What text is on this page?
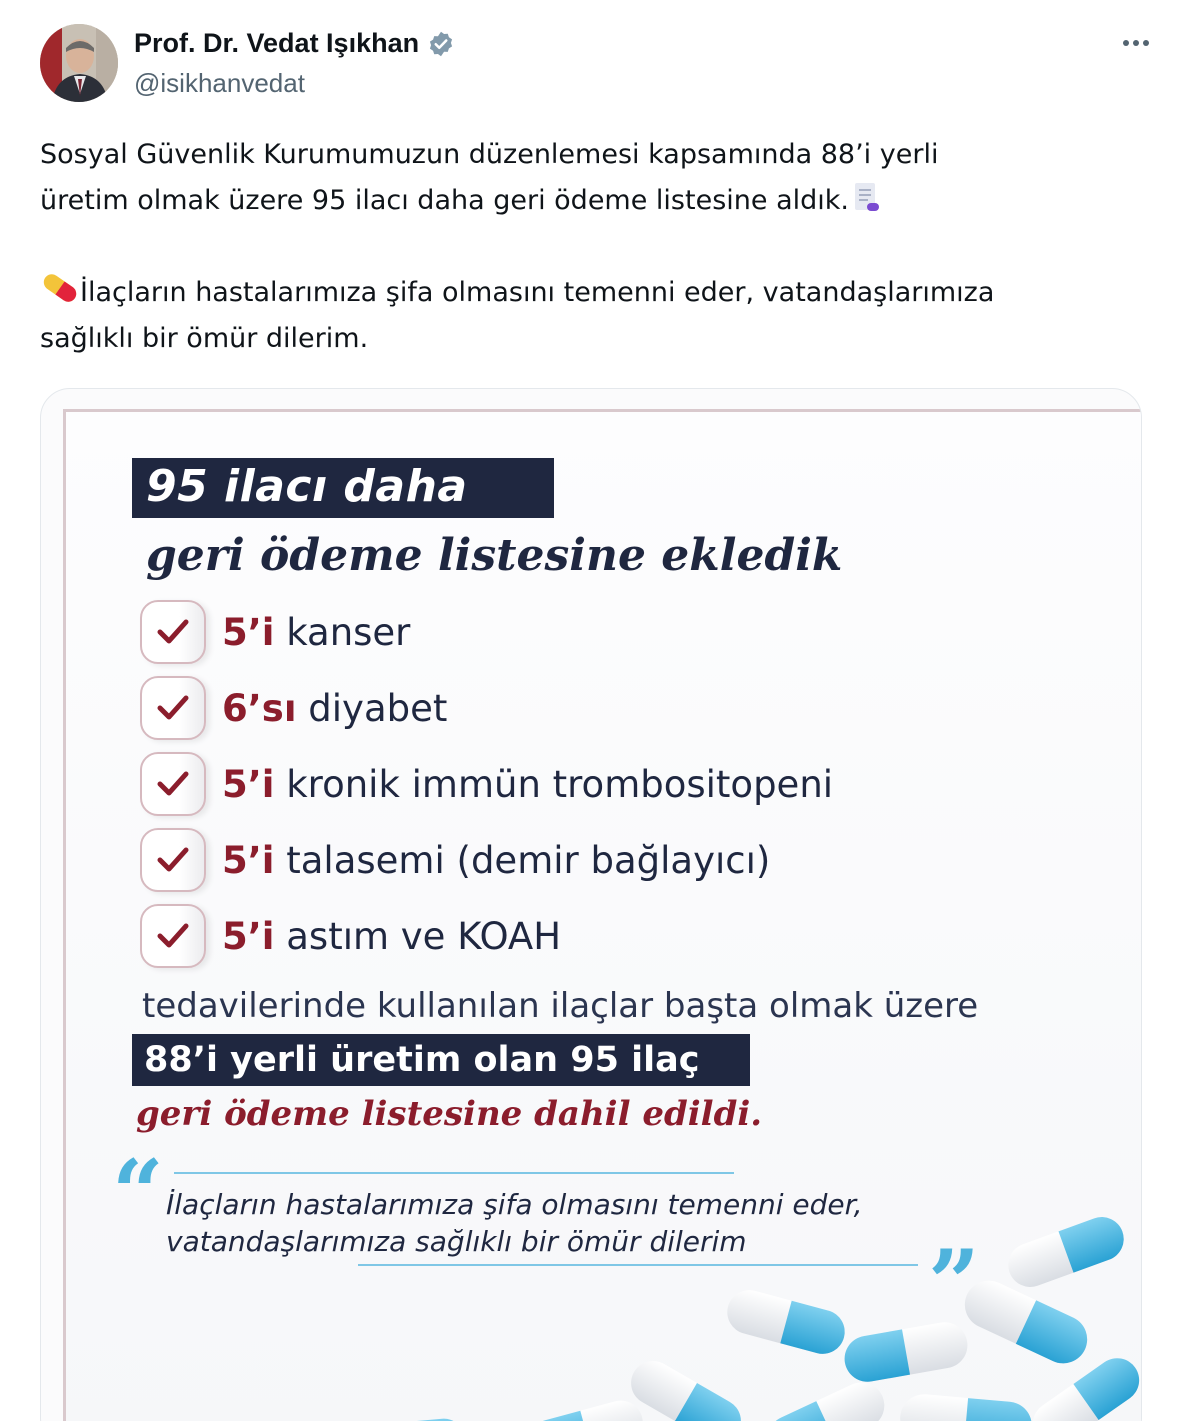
Prof. Dr. Vedat Işıkhan
@isikhanvedat

Sosyal Güvenlik Kurumumuzun düzenlemesi kapsamında 88’i yerli

üretim olmak üzere 95 ilacı daha geri ödeme listesine aldık.

İlaçların hastalarımıza şifa olmasını temenni eder, vatandaşlarımıza

sağlıklı bir ömür dilerim.

95 ilacı daha
geri ödeme listesine ekledik
5’i kanser
6’sı diyabet
5’i kronik immün trombositopeni
5’i talasemi (demir bağlayıcı)
5’i astım ve KOAH
tedavilerinde kullanılan ilaçlar başta olmak üzere
88’i yerli üretim olan 95 ilaç
geri ödeme listesine dahil edildi.
“ İlaçların hastalarımıza şifa olmasını temenni eder,
vatandaşlarımıza sağlıklı bir ömür dilerim	”
